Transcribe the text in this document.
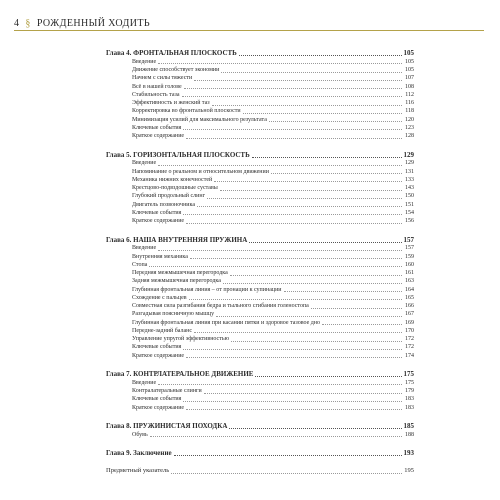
4 § РОЖДЕННЫЙ ХОДИТЬ
Глава 4. ФРОНТАЛЬНАЯ ПЛОСКОСТЬ	105
Введение	105
Движение способствует экономии	105
Начнем с силы тяжести	107
Всё в нашей голове	108
Стабильность таза	112
Эффективность и женский таз	116
Корректировка во фронтальной плоскости	118
Минимизация усилий для максимального результата	120
Ключевые события	123
Краткое содержание	128
Глава 5. ГОРИЗОНТАЛЬНАЯ ПЛОСКОСТЬ	129
Введение	129
Напоминание о реальном и относительном движении	131
Механика нижних конечностей	133
Крестцово-подвздошные суставы	143
Глубокий продольный слинг	150
Двигатель позвоночника	151
Ключевые события	154
Краткое содержание	156
Глава 6. НАША ВНУТРЕННЯЯ ПРУЖИНА	157
Введение	157
Внутренняя механика	159
Стопа	160
Передняя межмышечная перегородка	161
Задняя межмышечная перегородка	163
Глубинная фронтальная линия – от пронации к супинации	164
Схождение с пальцев	165
Совместная сила разгибания бедра и тыльного сгибания голеностопа	166
Разгадывая поясничную мышцу	167
Глубинная фронтальная линия при касании пятки и здоровое тазовое дно	169
Передне-задний баланс	170
Управление упругой эффективностью	172
Ключевые события	172
Краткое содержание	174
Глава 7. КОНТРЛАТЕРАЛЬНОЕ ДВИЖЕНИЕ	175
Введение	175
Контралатеральные слинги	179
Ключевые события	183
Краткое содержание	183
Глава 8. ПРУЖИНИСТАЯ ПОХОДКА	185
Обувь	188
Глава 9. Заключение	193
Предметный указатель	195
